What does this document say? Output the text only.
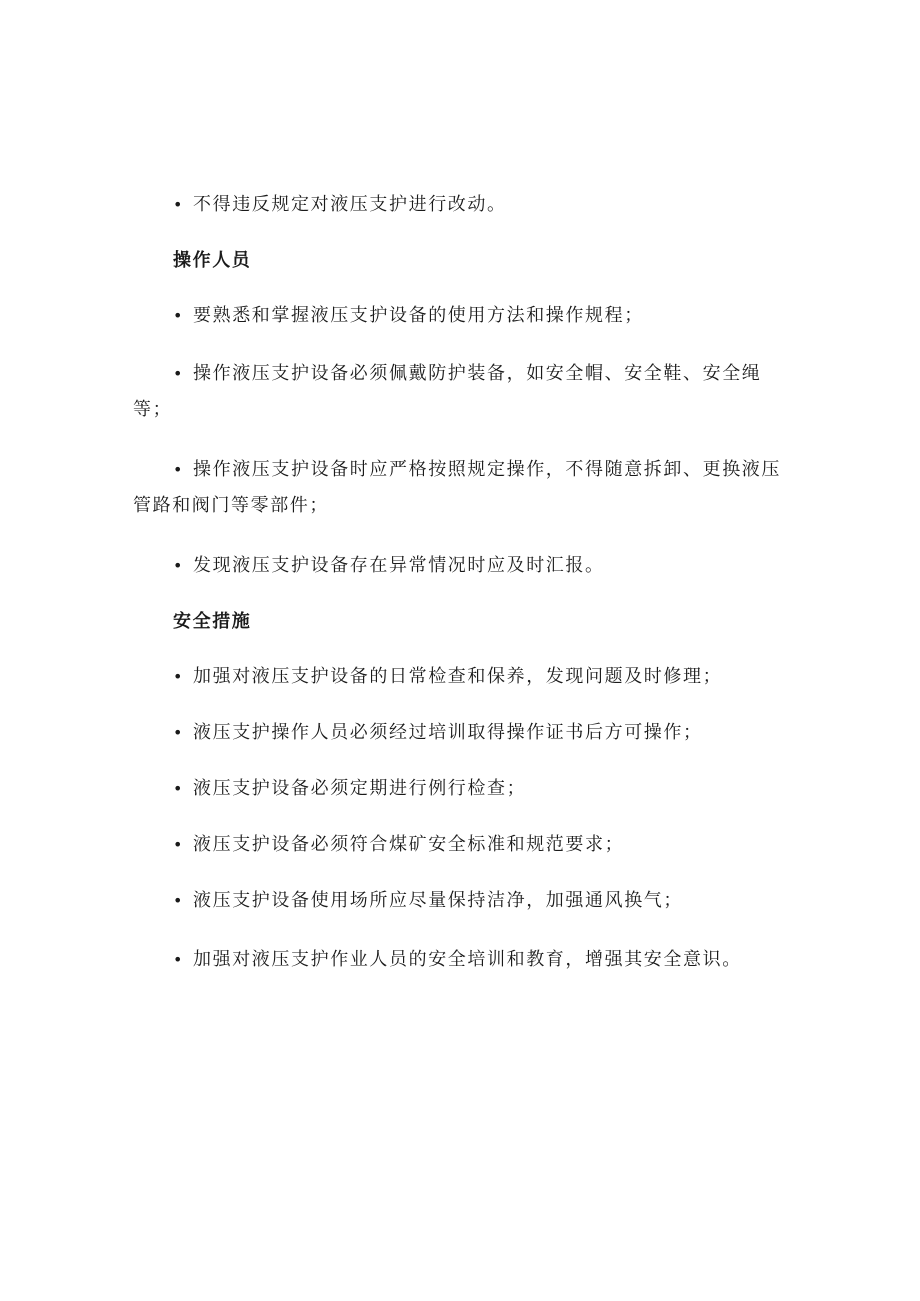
• 不得违反规定对液压支护进行改动。
操作人员
• 要熟悉和掌握液压支护设备的使用方法和操作规程；
• 操作液压支护设备必须佩戴防护装备，如安全帽、安全鞋、安全绳等；
• 操作液压支护设备时应严格按照规定操作，不得随意拆卸、更换液压管路和阀门等零部件；
• 发现液压支护设备存在异常情况时应及时汇报。
安全措施
• 加强对液压支护设备的日常检查和保养，发现问题及时修理；
• 液压支护操作人员必须经过培训取得操作证书后方可操作；
• 液压支护设备必须定期进行例行检查；
• 液压支护设备必须符合煤矿安全标准和规范要求；
• 液压支护设备使用场所应尽量保持洁净，加强通风换气；
• 加强对液压支护作业人员的安全培训和教育，增强其安全意识。
